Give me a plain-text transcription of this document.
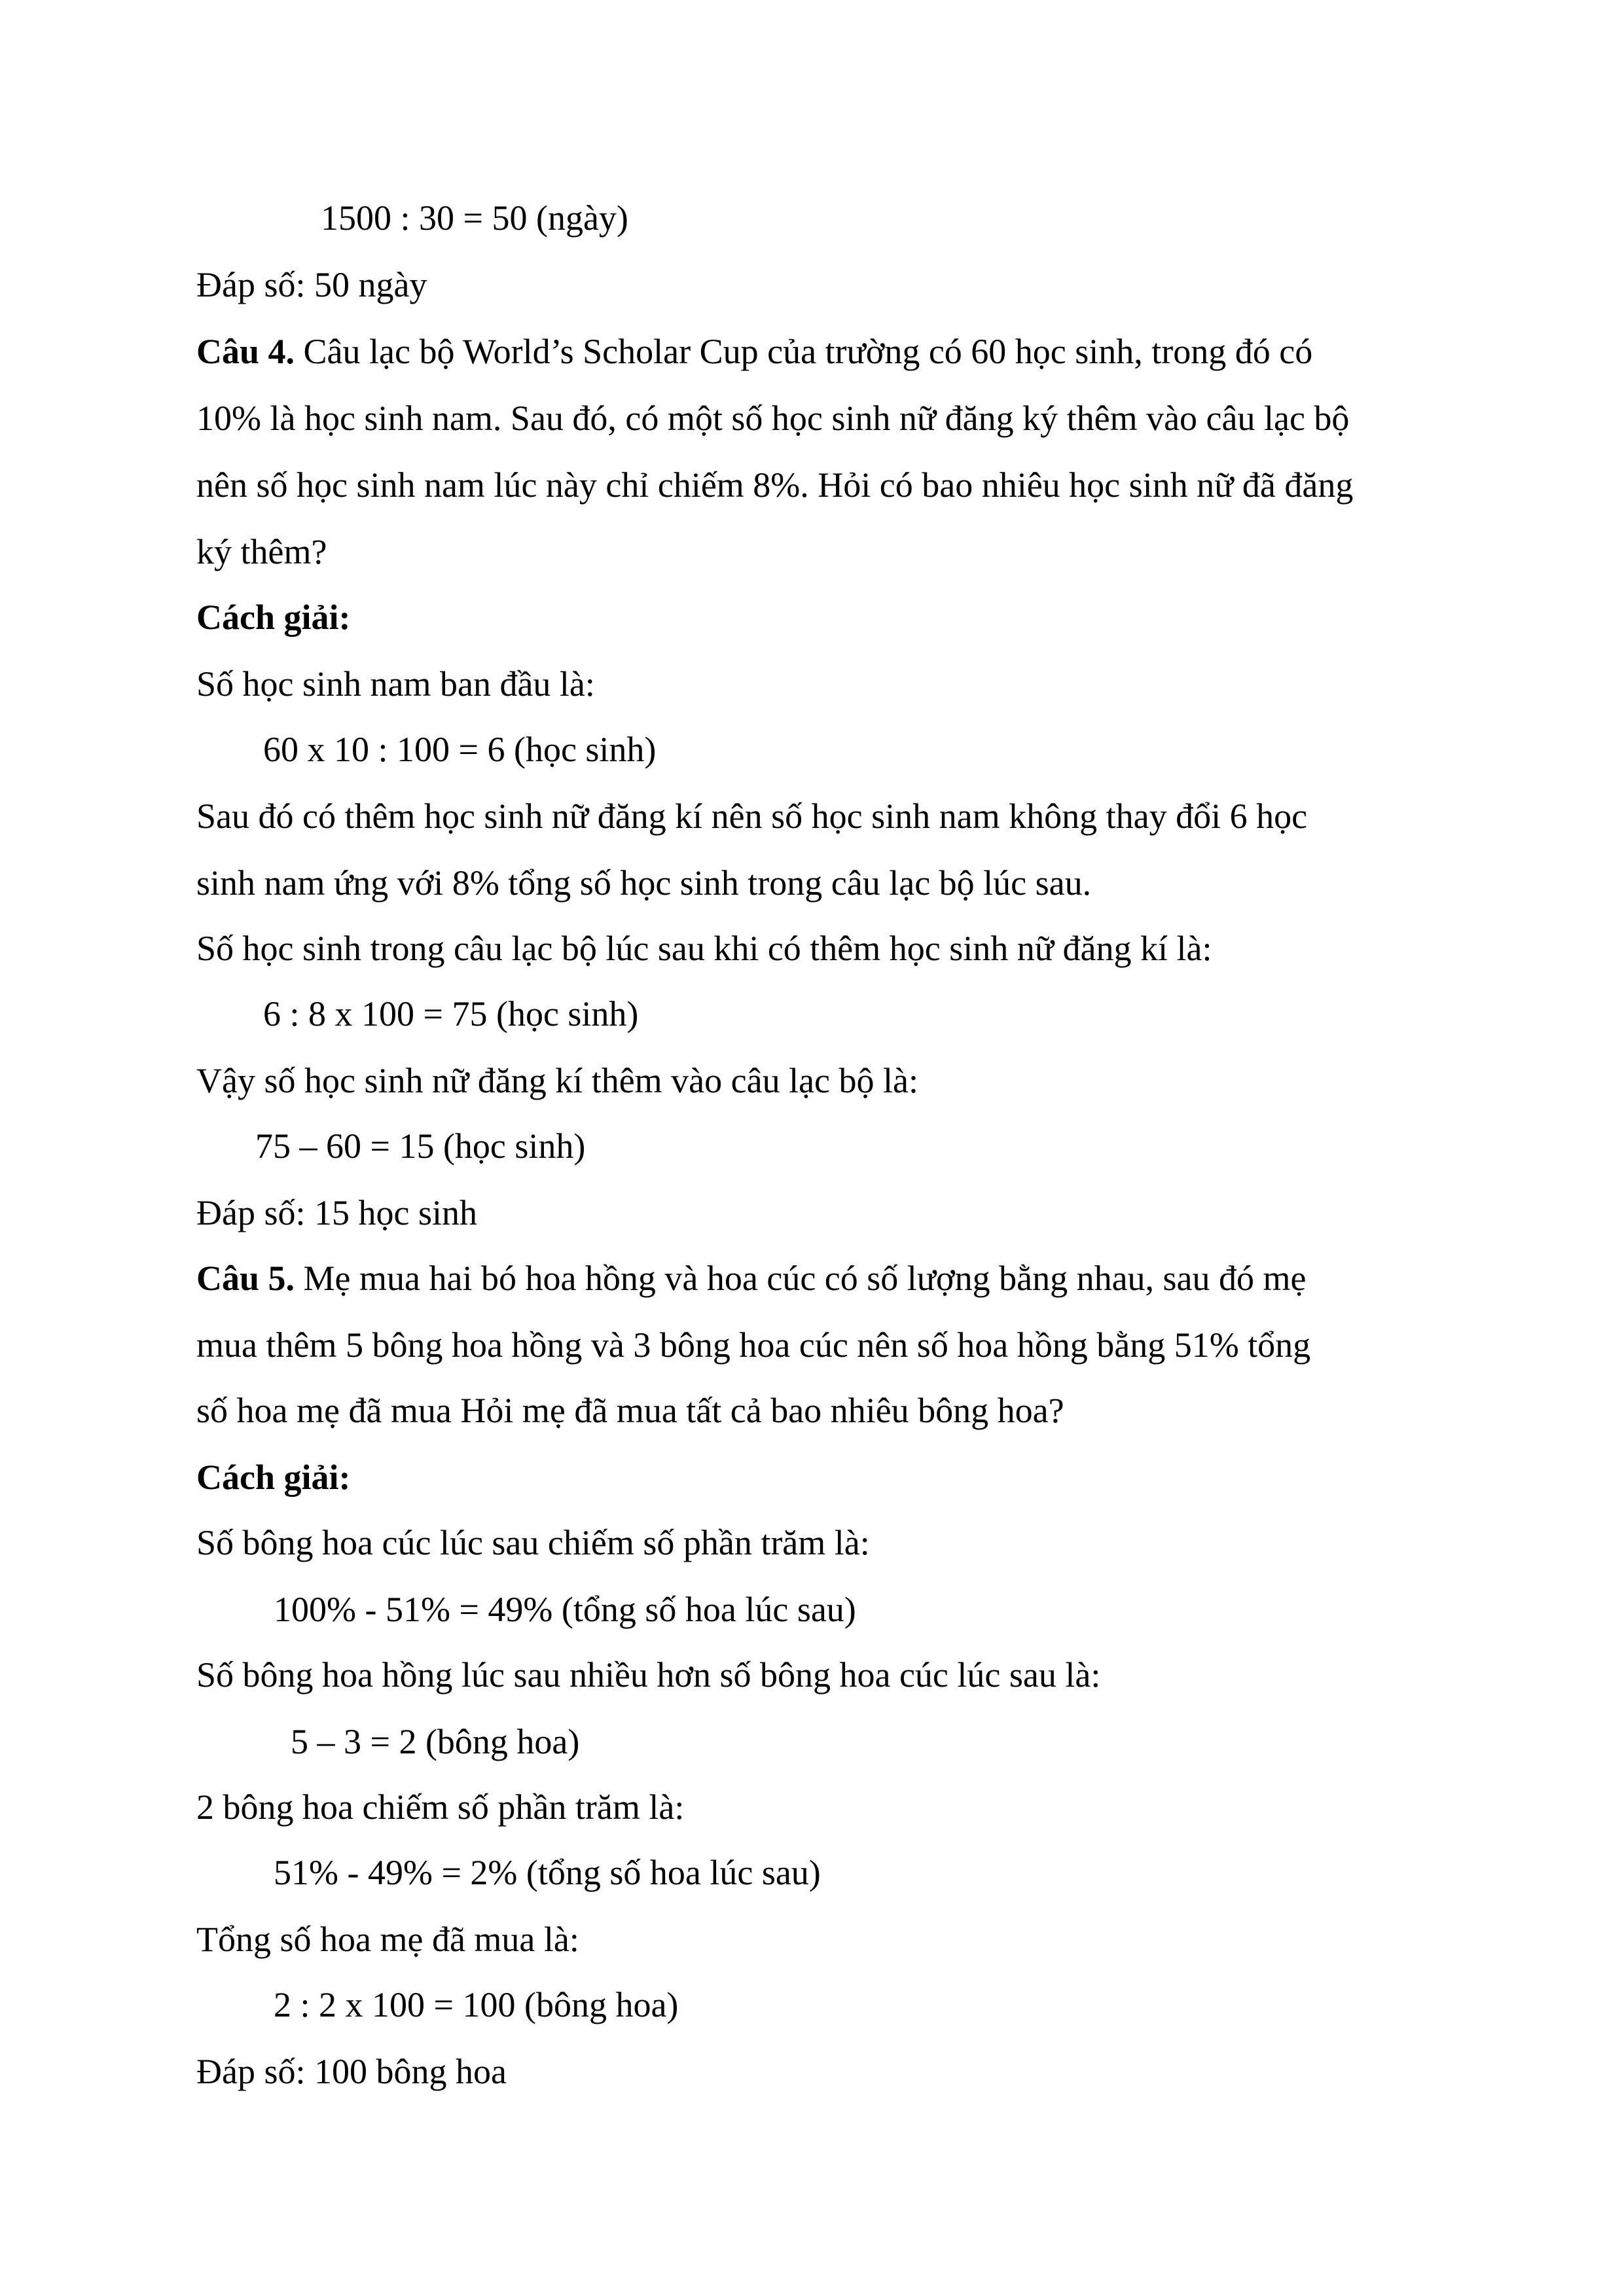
1500 : 30 = 50 (ngày)

Đáp số: 50 ngày

Câu 4. Câu lạc bộ World’s Scholar Cup của trường có 60 học sinh, trong đó có

10% là học sinh nam. Sau đó, có một số học sinh nữ đăng ký thêm vào câu lạc bộ

nên số học sinh nam lúc này chỉ chiếm 8%. Hỏi có bao nhiêu học sinh nữ đã đăng

ký thêm?

Cách giải:

Số học sinh nam ban đầu là:

60 x 10 : 100 = 6 (học sinh)

Sau đó có thêm học sinh nữ đăng kí nên số học sinh nam không thay đổi 6 học

sinh nam ứng với 8% tổng số học sinh trong câu lạc bộ lúc sau.

Số học sinh trong câu lạc bộ lúc sau khi có thêm học sinh nữ đăng kí là:

6 : 8 x 100 = 75 (học sinh)

Vậy số học sinh nữ đăng kí thêm vào câu lạc bộ là:

75 – 60 = 15 (học sinh)

Đáp số: 15 học sinh

Câu 5. Mẹ mua hai bó hoa hồng và hoa cúc có số lượng bằng nhau, sau đó mẹ

mua thêm 5 bông hoa hồng và 3 bông hoa cúc nên số hoa hồng bằng 51% tổng

số hoa mẹ đã mua Hỏi mẹ đã mua tất cả bao nhiêu bông hoa?

Cách giải:

Số bông hoa cúc lúc sau chiếm số phần trăm là:

100% - 51% = 49% (tổng số hoa lúc sau)

Số bông hoa hồng lúc sau nhiều hơn số bông hoa cúc lúc sau là:

5 – 3 = 2 (bông hoa)

2 bông hoa chiếm số phần trăm là:

51% - 49% = 2% (tổng số hoa lúc sau)

Tổng số hoa mẹ đã mua là:

2 : 2 x 100 = 100 (bông hoa)

Đáp số: 100 bông hoa
